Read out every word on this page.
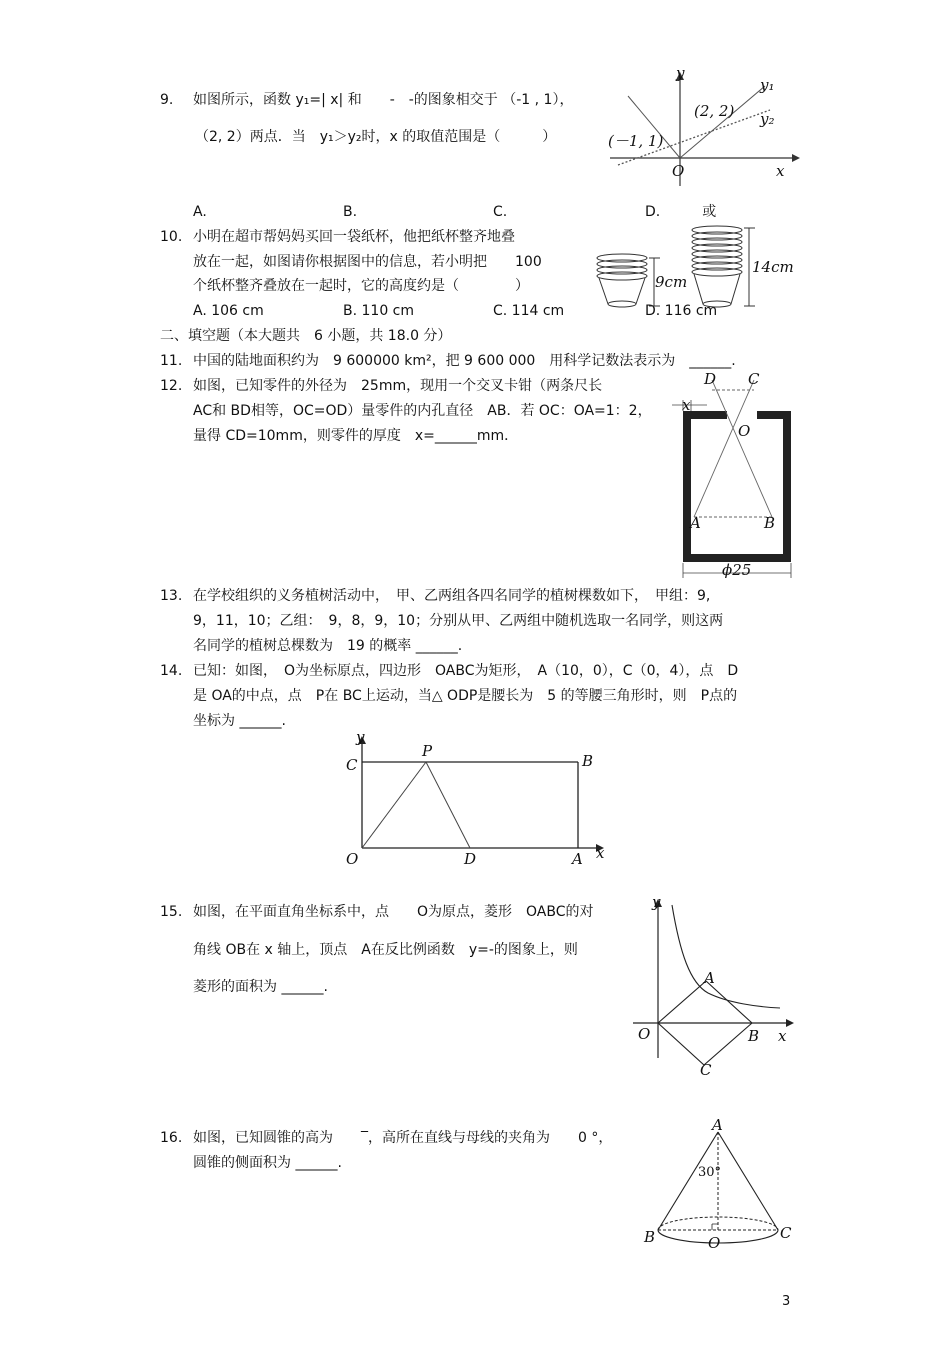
9. 如图所示，函数 y₁=| x| 和　　-　-的图象相交于 （-1 , 1），
（2, 2）两点．当　y₁＞y₂时，x 的取值范围是（　　　）
A.	B.	C.	D.　　　或
y
x
O
y₁
y₂
(2, 2)
(－1, 1)
10. 小明在超市帮妈妈买回一袋纸杯，他把纸杯整齐地叠
放在一起，如图请你根据图中的信息，若小明把　　100
个纸杯整齐叠放在一起时，它的高度约是（　　　　）
A. 106 cm	B. 110 cm	C. 114 cm	D. 116 cm
9cm
14cm
二、填空题（本大题共　6 小题，共 18.0 分）
11. 中国的陆地面积约为　9 600000 km²，把 9 600 000　用科学记数法表示为　______.
12. 如图，已知零件的外径为　25mm，现用一个交叉卡钳（两条尺长
AC和 BD相等，OC=OD）量零件的内孔直径　AB．若 OC：OA=1：2，
量得 CD=10mm，则零件的厚度　x=______mm．
D C
x
O
A	B
ϕ25
13. 在学校组织的义务植树活动中，　甲、乙两组各四名同学的植树棵数如下，　甲组：9,
9，11，10；乙组：　9，8，9，10；分别从甲、乙两组中随机选取一名同学，则这两
名同学的植树总棵数为　19 的概率 ______.
14. 已知：如图，　O为坐标原点，四边形　OABC为矩形，　A（10，0），C（0，4），点　D
是 OA的中点，点　P在 BC上运动，当△ ODP是腰长为　5 的等腰三角形时，则　P点的
坐标为 ______.
y
x
C
P
B
O	D	A
15. 如图，在平面直角坐标系中，点　　O为原点，菱形　OABC的对
角线 OB在 x 轴上，顶点　A在反比例函数　y=-的图象上，则
菱形的面积为 ______.
y
x
O
A
B
C
16. 如图，已知圆锥的高为　　‾，高所在直线与母线的夹角为　　0 °，
圆锥的侧面积为 ______.
A
30°
B	C
O
3
